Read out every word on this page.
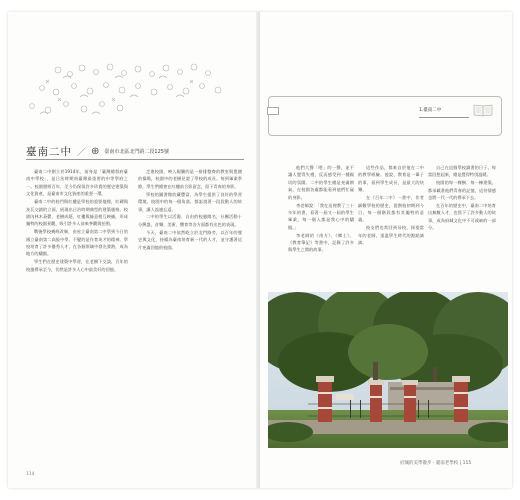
臺南二中 ／ ⊕ 臺南市北區北門路二段125號

臺南二中創立於1914年，前身是「臺灣總督府臺南中學校」，是日治時期南臺灣最重要的中等學府之一。校園歷經百年，至今仍保留許多珍貴的歷史建築與文化資產，是臺南市文化資產的重要一環。

臺南二中的校門與紅樓是學校的重要地標，紅磚與灰瓦交錯的立面，展現出日治時期典型的建築風格。校園內林木蒼鬱，老樹成蔭，紅樓與綠意相互映襯，形成獨特的校園景觀，吸引許多人前來參觀與拍照。

戰後學校幾經改制，由省立臺南第二中學到今日的國立臺南第二高級中學，不變的是作育英才的精神。學校培育了許多優秀人才，在各個領域中發光發熱，成為地方的驕傲。

學生們在歷史建築中學習，在老樹下交談，百年的校風傳承至今，仍然是許多人心中最美好的回憶。

走進校園，映入眼簾的是一排排整齊的教室與寬闊的操場，校園中的老樹見證了學校的成長。每到畢業季節，學生們總會在紅樓前合影留念，留下青春的身影。

學校的圖書館收藏豐富，為學生提供了良好的學習環境。校園中的每一個角落，都訴說著一段段動人的故事，讓人流連忘返。

二中的學生以活潑、自由的校風聞名，社團活動十分興盛，音樂、美術、體育等各方面都有出色的表現。

今天，臺南二中依然屹立於北門路旁，以百年的歷史與文化，持續為臺南培育新一代的人才，並守護著這片充滿回憶的校園。

114
1.臺南二中

他們大聲「喂」的一聲，並不讓人覺得失禮，反而感受到一種親切的氛圍。二中的學生總是充滿朝氣，在校園各處都能看到他們忙碌的身影。

李老師說：「我在這裡教了三十多年的書，看著一屆又一屆的學生畢業，每一個人都是我心中的驕傲。」

李老師的《南方》、《鄉土》、《教育筆記》等書中，記錄了許多與學生之間的故事。

這些作品，都來自於他在二中的教學經驗。他說，教育是一輩子的事，看到學生成長，是最大的快樂。

在《百年二中》一書中，作者細數學校的歷史，從創校初期到今日，每一個階段都有其獨特的意義。

校友們也常回到母校，探望當年的老師，重溫學生時代的點點滴滴。

自己在這個學校讀書的日子，每當回想起來，總是覺得特別溫暖。

校園的每一棵樹、每一棟建築，都承載著他們青春的記憶，這份情感也將一代一代的傳承下去。

在百年的歷史中，臺南二中培育出無數人才，也寫下了許多動人的故事，成為府城文化中不可或缺的一部分。

府城的美學散步 · 臺南老學校 | 115
